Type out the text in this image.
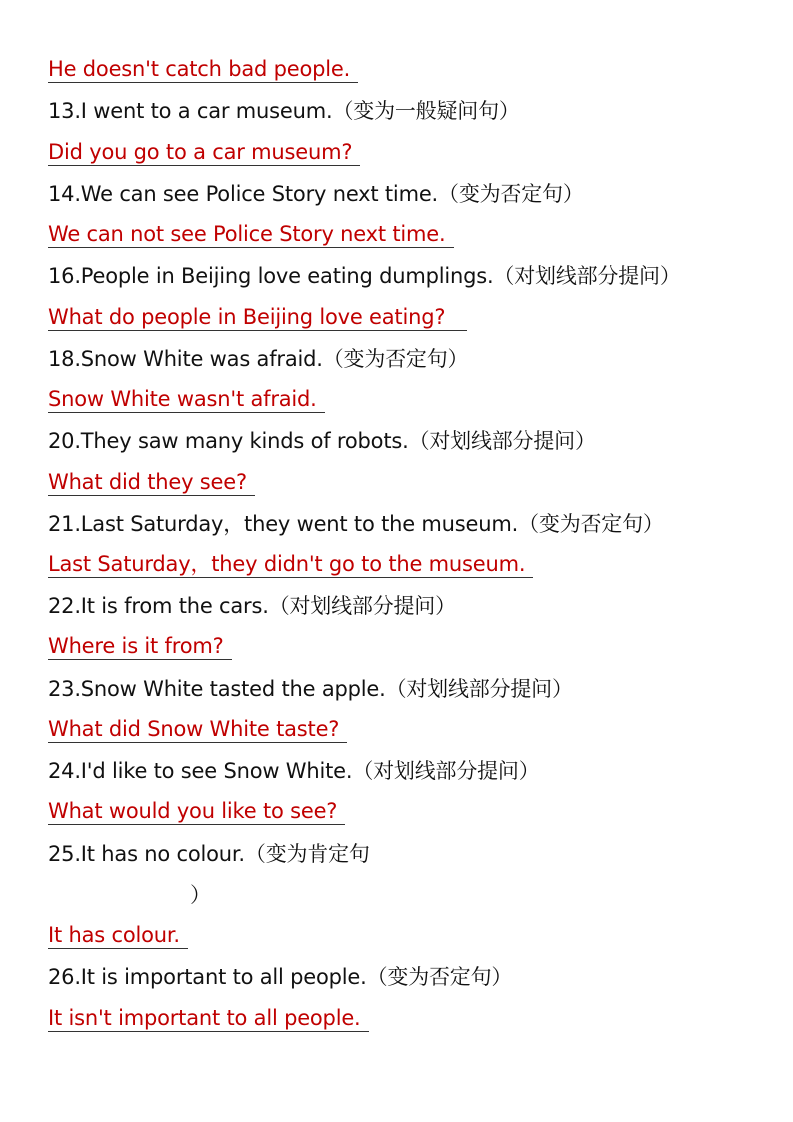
He doesn't catch bad people.
13.I went to a car museum.（变为一般疑问句）
Did you go to a car museum?
14.We can see Police Story next time.（变为否定句）
We can not see Police Story next time.
16.People in Beijing love eating dumplings.（对划线部分提问）
What do people in Beijing love eating?
18.Snow White was afraid.（变为否定句）
Snow White wasn't afraid.
20.They saw many kinds of robots.（对划线部分提问）
What did they see?
21.Last Saturday，they went to the museum.（变为否定句）
Last Saturday，they didn't go to the museum.
22.It is from the cars.（对划线部分提问）
Where is it from?
23.Snow White tasted the apple.（对划线部分提问）
What did Snow White taste?
24.I'd like to see Snow White.（对划线部分提问）
What would you like to see?
25.It has no colour.（变为肯定句
）
It has colour.
26.It is important to all people.（变为否定句）
It isn't important to all people.
